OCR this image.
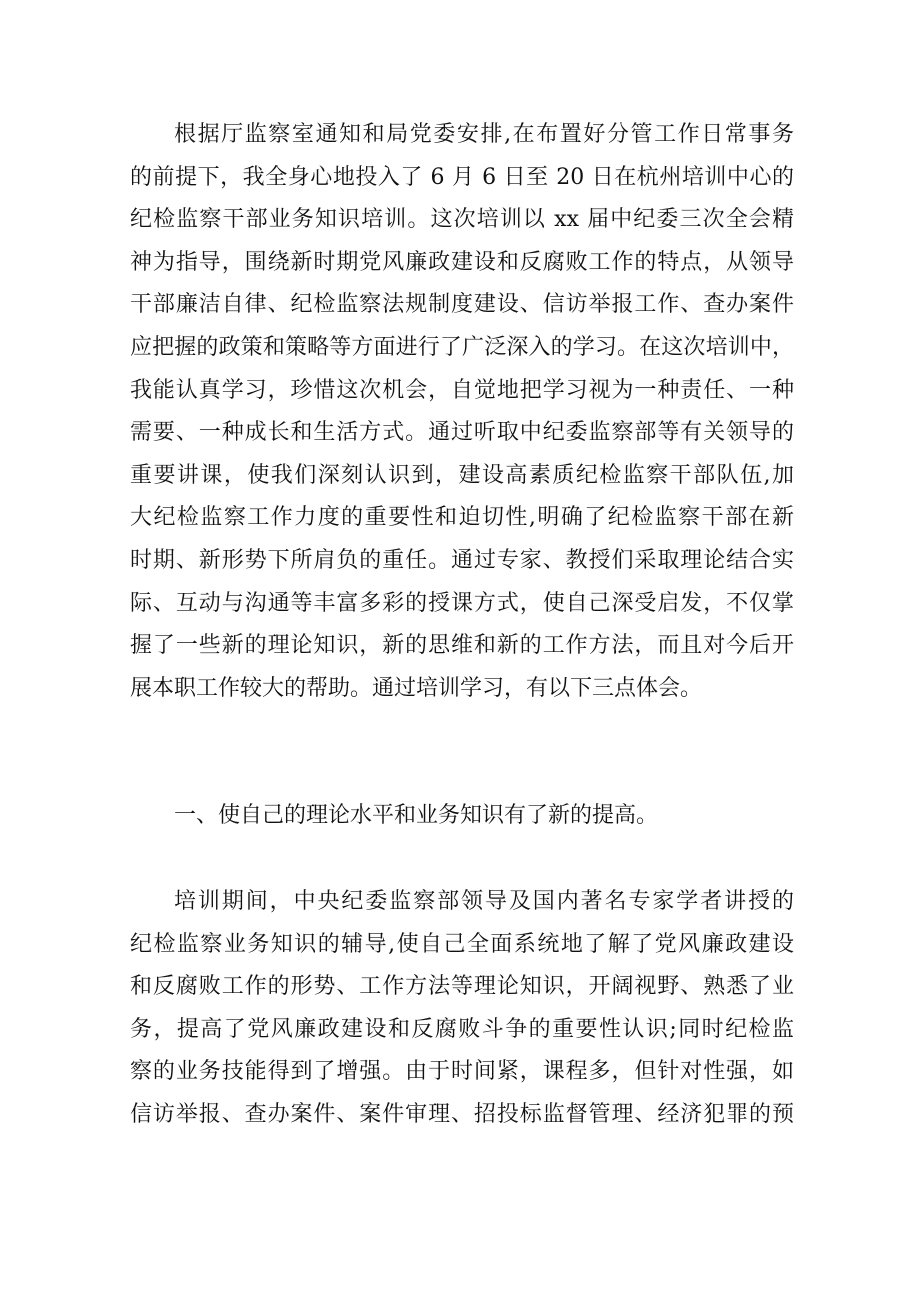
根据厅监察室通知和局党委安排,在布置好分管工作日常事务
的前提下，我全身心地投入了 6 月 6 日至 20 日在杭州培训中心的
纪检监察干部业务知识培训。这次培训以 xx 届中纪委三次全会精
神为指导，围绕新时期党风廉政建设和反腐败工作的特点，从领导
干部廉洁自律、纪检监察法规制度建设、信访举报工作、查办案件
应把握的政策和策略等方面进行了广泛深入的学习。在这次培训中，
我能认真学习，珍惜这次机会，自觉地把学习视为一种责任、一种
需要、一种成长和生活方式。通过听取中纪委监察部等有关领导的
重要讲课，使我们深刻认识到，建设高素质纪检监察干部队伍,加
大纪检监察工作力度的重要性和迫切性,明确了纪检监察干部在新
时期、新形势下所肩负的重任。通过专家、教授们采取理论结合实
际、互动与沟通等丰富多彩的授课方式，使自己深受启发，不仅掌
握了一些新的理论知识，新的思维和新的工作方法，而且对今后开
展本职工作较大的帮助。通过培训学习，有以下三点体会。
一、使自己的理论水平和业务知识有了新的提高。
培训期间，中央纪委监察部领导及国内著名专家学者讲授的
纪检监察业务知识的辅导,使自己全面系统地了解了党风廉政建设
和反腐败工作的形势、工作方法等理论知识，开阔视野、熟悉了业
务，提高了党风廉政建设和反腐败斗争的重要性认识;同时纪检监
察的业务技能得到了增强。由于时间紧，课程多，但针对性强，如
信访举报、查办案件、案件审理、招投标监督管理、经济犯罪的预
